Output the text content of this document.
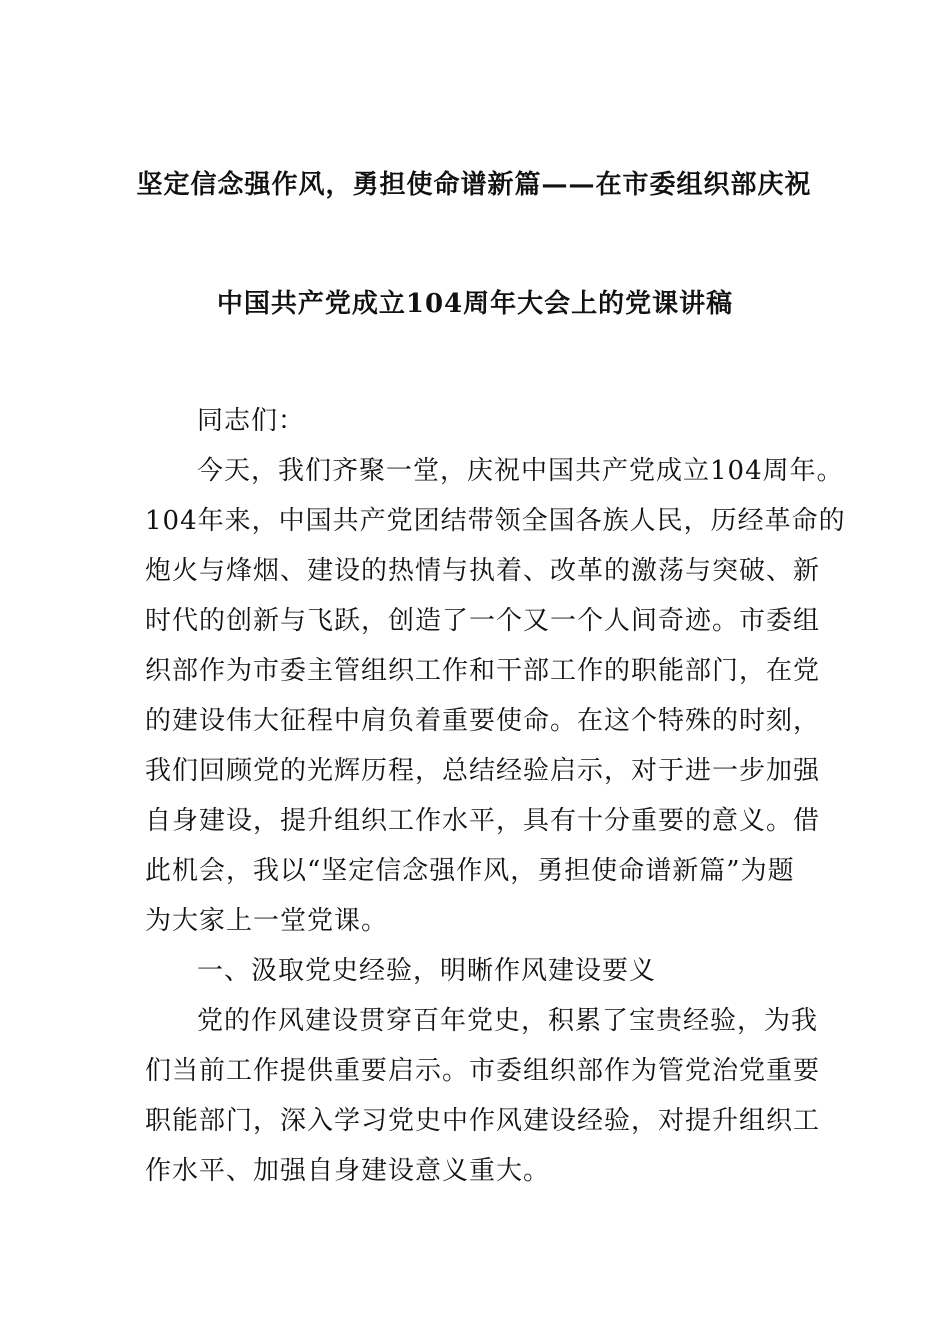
坚定信念强作风，勇担使命谱新篇——在市委组织部庆祝
中国共产党成立104周年大会上的党课讲稿
同志们：
今天，我们齐聚一堂，庆祝中国共产党成立104周年。
104年来，中国共产党团结带领全国各族人民，历经革命的
炮火与烽烟、建设的热情与执着、改革的激荡与突破、新
时代的创新与飞跃，创造了一个又一个人间奇迹。市委组
织部作为市委主管组织工作和干部工作的职能部门，在党
的建设伟大征程中肩负着重要使命。在这个特殊的时刻，
我们回顾党的光辉历程，总结经验启示，对于进一步加强
自身建设，提升组织工作水平，具有十分重要的意义。借
此机会，我以“坚定信念强作风，勇担使命谱新篇”为题
为大家上一堂党课。
一、汲取党史经验，明晰作风建设要义
党的作风建设贯穿百年党史，积累了宝贵经验，为我
们当前工作提供重要启示。市委组织部作为管党治党重要
职能部门，深入学习党史中作风建设经验，对提升组织工
作水平、加强自身建设意义重大。
